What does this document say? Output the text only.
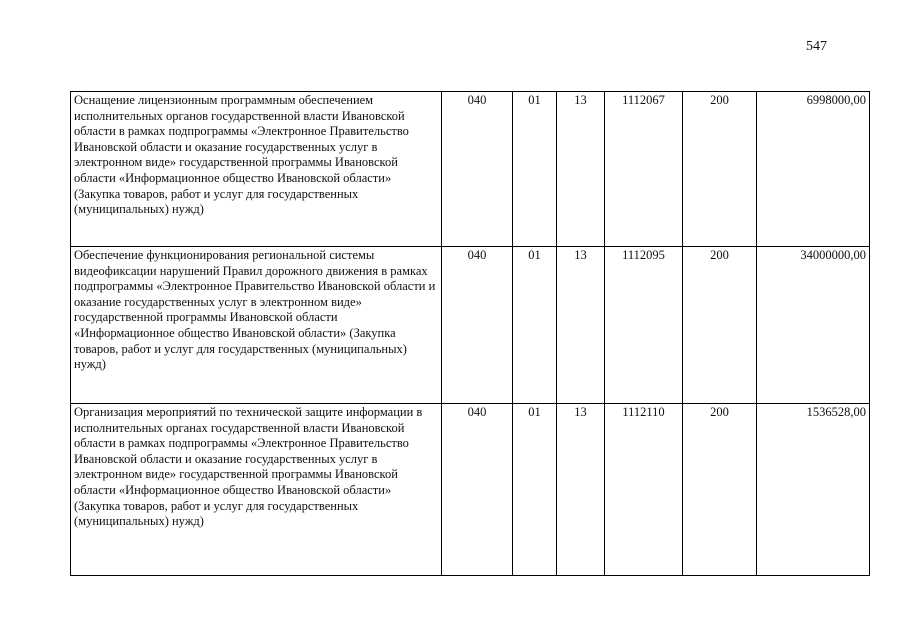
547
Оснащение лицензионным программным обеспечением исполнительных органов государственной власти Ивановской области в рамках подпрограммы «Электронное Правительство Ивановской области и оказание государственных услуг в электронном виде» государственной программы Ивановской области «Информационное общество Ивановской области» (Закупка товаров, работ и услуг для государственных (муниципальных) нужд)	040	01	13	1112067	200	6998000,00
Обеспечение функционирования региональной системы видеофиксации нарушений Правил дорожного движения в рамках подпрограммы «Электронное Правительство Ивановской области и оказание государственных услуг в электронном виде» государственной программы Ивановской области «Информационное общество Ивановской области» (Закупка товаров, работ и услуг для государственных (муниципальных) нужд)	040	01	13	1112095	200	34000000,00
Организация мероприятий по технической защите информации в исполнительных органах государственной власти Ивановской области в рамках подпрограммы «Электронное Правительство Ивановской области и оказание государственных услуг в электронном виде» государственной программы Ивановской области «Информационное общество Ивановской области» (Закупка товаров, работ и услуг для государственных (муниципальных) нужд)	040	01	13	1112110	200	1536528,00
